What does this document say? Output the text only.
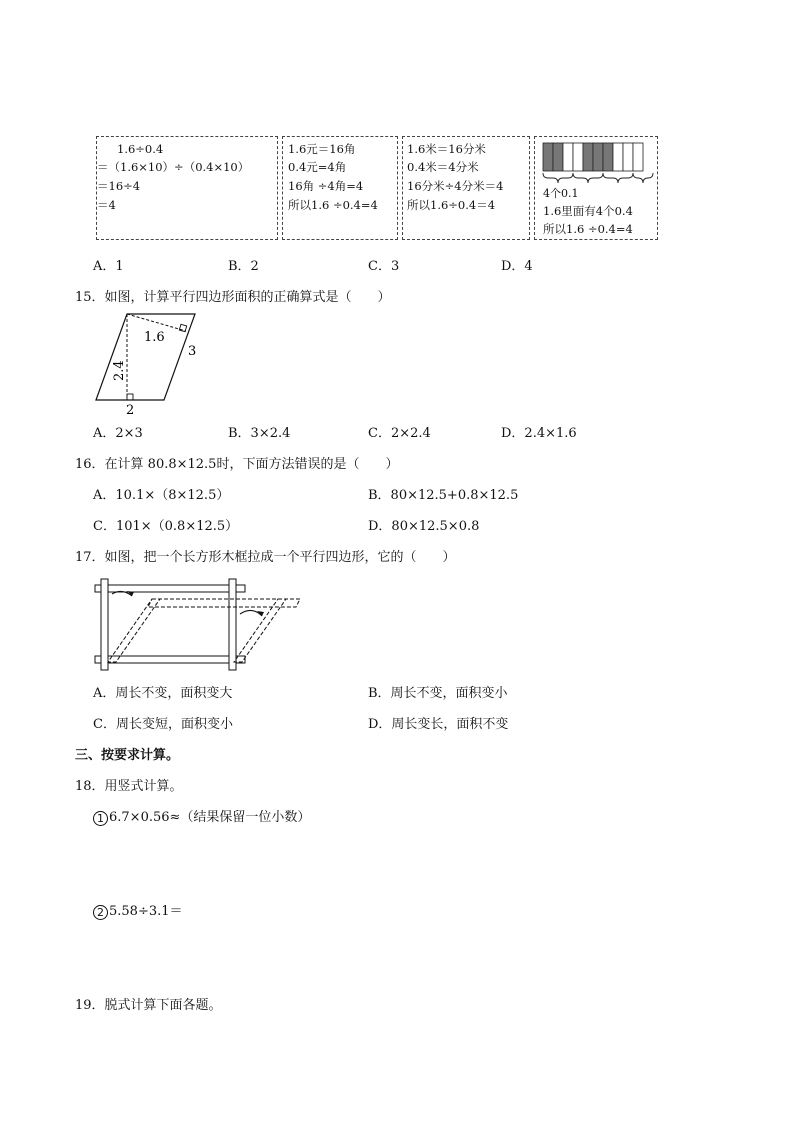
1.6÷0.4
＝（1.6×10）÷（0.4×10）
＝16÷4
＝4
1.6元＝16角
0.4元=4角
16角 ÷4角=4
所以1.6 ÷0.4=4
1.6米＝16分米
0.4米＝4分米
16分米÷4分米＝4
所以1.6÷0.4＝4
4个0.1
1.6里面有4个0.4
所以1.6 ÷0.4=4
A．1	B．2	C．3	D．4
15．如图，计算平行四边形面积的正确算式是（　　）
1.6
3
2.4
2
A．2×3	B．3×2.4	C．2×2.4	D．2.4×1.6
16．在计算 80.8×12.5时，下面方法错误的是（　　）
A．10.1×（8×12.5）	B．80×12.5+0.8×12.5
C．101×（0.8×12.5）	D．80×12.5×0.8
17．如图，把一个长方形木框拉成一个平行四边形，它的（　　）
A．周长不变，面积变大	B．周长不变，面积变小
C．周长变短，面积变小	D．周长变长，面积不变
三、按要求计算。
18．用竖式计算。
1 6.7×0.56≈（结果保留一位小数）
2 5.58÷3.1＝
19．脱式计算下面各题。
